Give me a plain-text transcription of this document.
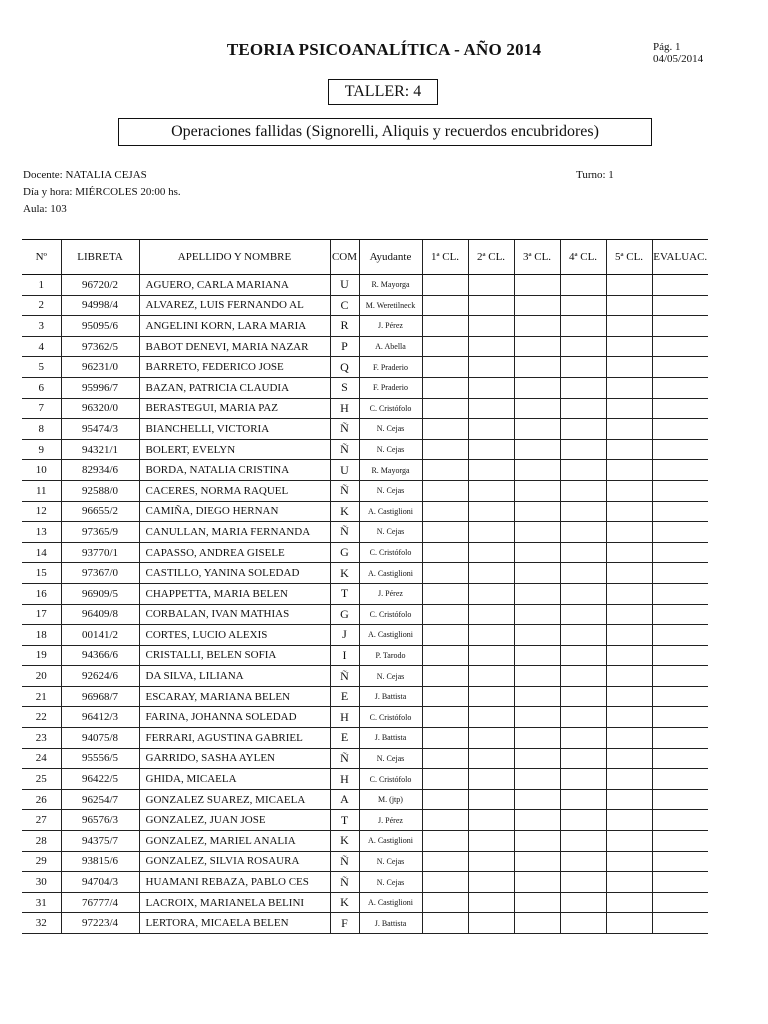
TEORIA PSICOANALÍTICA - AÑO 2014	Pág. 1
04/05/2014
TALLER: 4
Operaciones fallidas (Signorelli, Aliquis y recuerdos encubridores)
Docente: NATALIA CEJAS	Turno: 1
Día y hora: MIÉRCOLES 20:00 hs.
Aula: 103
Nº	LIBRETA	APELLIDO Y NOMBRE	COM	Ayudante	1ª CL.	2ª CL.	3ª CL.	4ª CL.	5ª CL.	EVALUAC.
1	96720/2	AGUERO, CARLA MARIANA	U	R. Mayorga						
2	94998/4	ALVAREZ, LUIS FERNANDO AL	C	M. Weretilneck						
3	95095/6	ANGELINI KORN, LARA MARIA	R	J. Pérez						
4	97362/5	BABOT DENEVI, MARIA NAZAR	P	A. Abella						
5	96231/0	BARRETO, FEDERICO JOSE	Q	F. Praderio						
6	95996/7	BAZAN, PATRICIA CLAUDIA	S	F. Praderio						
7	96320/0	BERASTEGUI, MARIA PAZ	H	C. Cristófolo						
8	95474/3	BIANCHELLI, VICTORIA	Ñ	N. Cejas						
9	94321/1	BOLERT, EVELYN	Ñ	N. Cejas						
10	82934/6	BORDA, NATALIA CRISTINA	U	R. Mayorga						
11	92588/0	CACERES, NORMA RAQUEL	Ñ	N. Cejas						
12	96655/2	CAMIÑA, DIEGO HERNAN	K	A. Castiglioni						
13	97365/9	CANULLAN, MARIA FERNANDA	Ñ	N. Cejas						
14	93770/1	CAPASSO, ANDREA GISELE	G	C. Cristófolo						
15	97367/0	CASTILLO, YANINA SOLEDAD	K	A. Castiglioni						
16	96909/5	CHAPPETTA, MARIA BELEN	T	J. Pérez						
17	96409/8	CORBALAN, IVAN MATHIAS	G	C. Cristófolo						
18	00141/2	CORTES, LUCIO ALEXIS	J	A. Castiglioni						
19	94366/6	CRISTALLI, BELEN SOFIA	I	P. Tarodo						
20	92624/6	DA SILVA, LILIANA	Ñ	N. Cejas						
21	96968/7	ESCARAY, MARIANA BELEN	E	J. Battista						
22	96412/3	FARINA, JOHANNA SOLEDAD	H	C. Cristófolo						
23	94075/8	FERRARI, AGUSTINA GABRIEL	E	J. Battista						
24	95556/5	GARRIDO, SASHA AYLEN	Ñ	N. Cejas						
25	96422/5	GHIDA, MICAELA	H	C. Cristófolo						
26	96254/7	GONZALEZ SUAREZ, MICAELA	A	M. (jtp)						
27	96576/3	GONZALEZ, JUAN JOSE	T	J. Pérez						
28	94375/7	GONZALEZ, MARIEL ANALIA	K	A. Castiglioni						
29	93815/6	GONZALEZ, SILVIA ROSAURA	Ñ	N. Cejas						
30	94704/3	HUAMANI REBAZA, PABLO CES	Ñ	N. Cejas						
31	76777/4	LACROIX, MARIANELA BELINI	K	A. Castiglioni						
32	97223/4	LERTORA, MICAELA BELEN	F	J. Battista						
